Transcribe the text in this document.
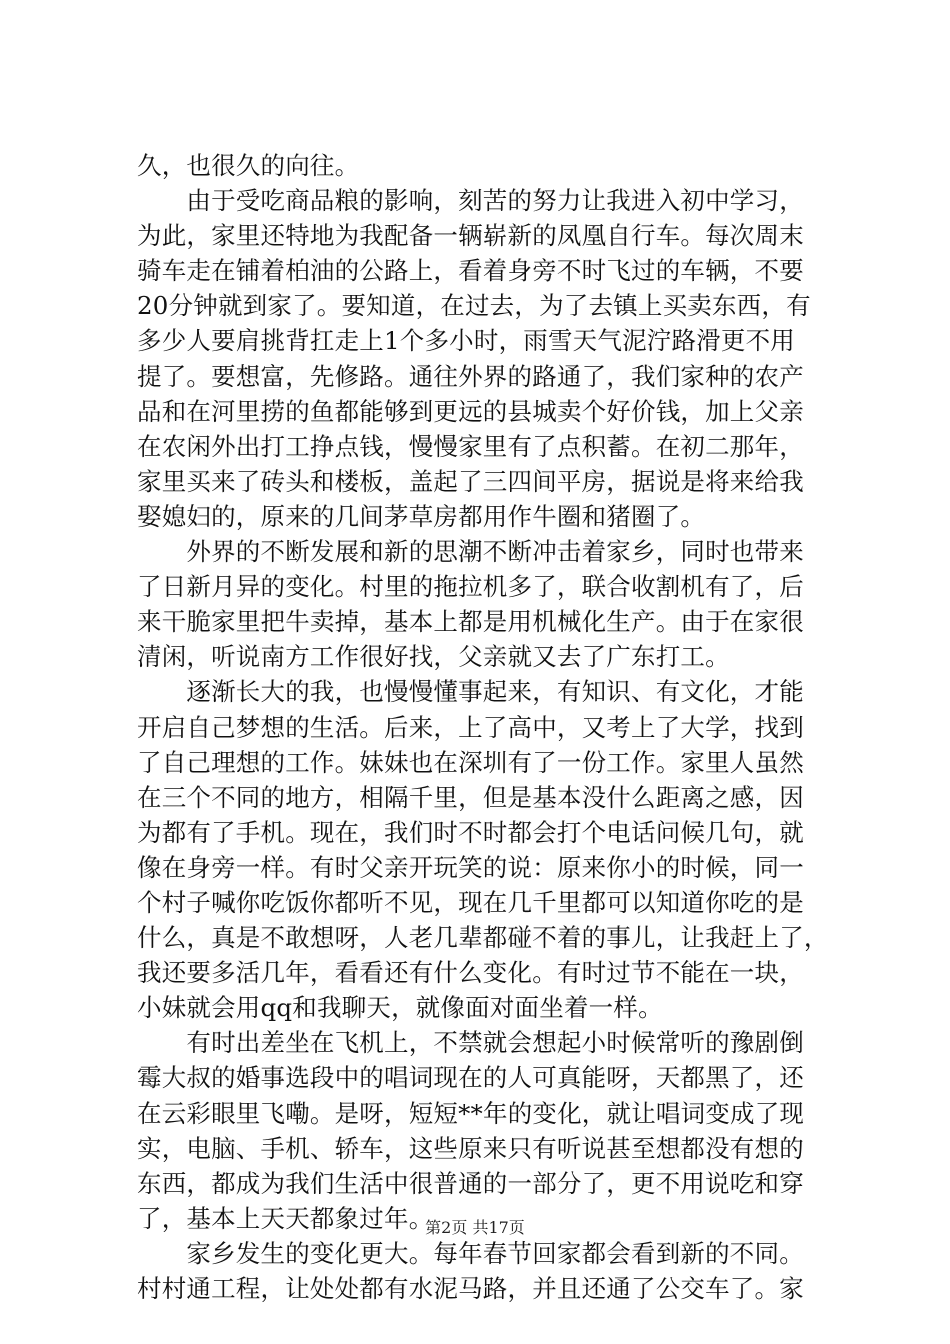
久，也很久的向往。
　　由于受吃商品粮的影响，刻苦的努力让我进入初中学习，
为此，家里还特地为我配备一辆崭新的凤凰自行车。每次周末
骑车走在铺着柏油的公路上，看着身旁不时飞过的车辆，不要
20分钟就到家了。要知道，在过去，为了去镇上买卖东西，有
多少人要肩挑背扛走上1个多小时，雨雪天气泥泞路滑更不用
提了。要想富，先修路。通往外界的路通了，我们家种的农产
品和在河里捞的鱼都能够到更远的县城卖个好价钱，加上父亲
在农闲外出打工挣点钱，慢慢家里有了点积蓄。在初二那年，
家里买来了砖头和楼板，盖起了三四间平房，据说是将来给我
娶媳妇的，原来的几间茅草房都用作牛圈和猪圈了。
　　外界的不断发展和新的思潮不断冲击着家乡，同时也带来
了日新月异的变化。村里的拖拉机多了，联合收割机有了，后
来干脆家里把牛卖掉，基本上都是用机械化生产。由于在家很
清闲，听说南方工作很好找，父亲就又去了广东打工。
　　逐渐长大的我，也慢慢懂事起来，有知识、有文化，才能
开启自己梦想的生活。后来，上了高中，又考上了大学，找到
了自己理想的工作。妹妹也在深圳有了一份工作。家里人虽然
在三个不同的地方，相隔千里，但是基本没什么距离之感，因
为都有了手机。现在，我们时不时都会打个电话问候几句，就
像在身旁一样。有时父亲开玩笑的说：原来你小的时候，同一
个村子喊你吃饭你都听不见，现在几千里都可以知道你吃的是
什么，真是不敢想呀，人老几辈都碰不着的事儿，让我赶上了，
我还要多活几年，看看还有什么变化。有时过节不能在一块，
小妹就会用qq和我聊天，就像面对面坐着一样。
　　有时出差坐在飞机上，不禁就会想起小时候常听的豫剧倒
霉大叔的婚事选段中的唱词现在的人可真能呀，天都黑了，还
在云彩眼里飞嘞。是呀，短短**年的变化，就让唱词变成了现
实，电脑、手机、轿车，这些原来只有听说甚至想都没有想的
东西，都成为我们生活中很普通的一部分了，更不用说吃和穿
了，基本上天天都象过年。
　　家乡发生的变化更大。每年春节回家都会看到新的不同。
村村通工程，让处处都有水泥马路，并且还通了公交车了。家
第2页 共17页
